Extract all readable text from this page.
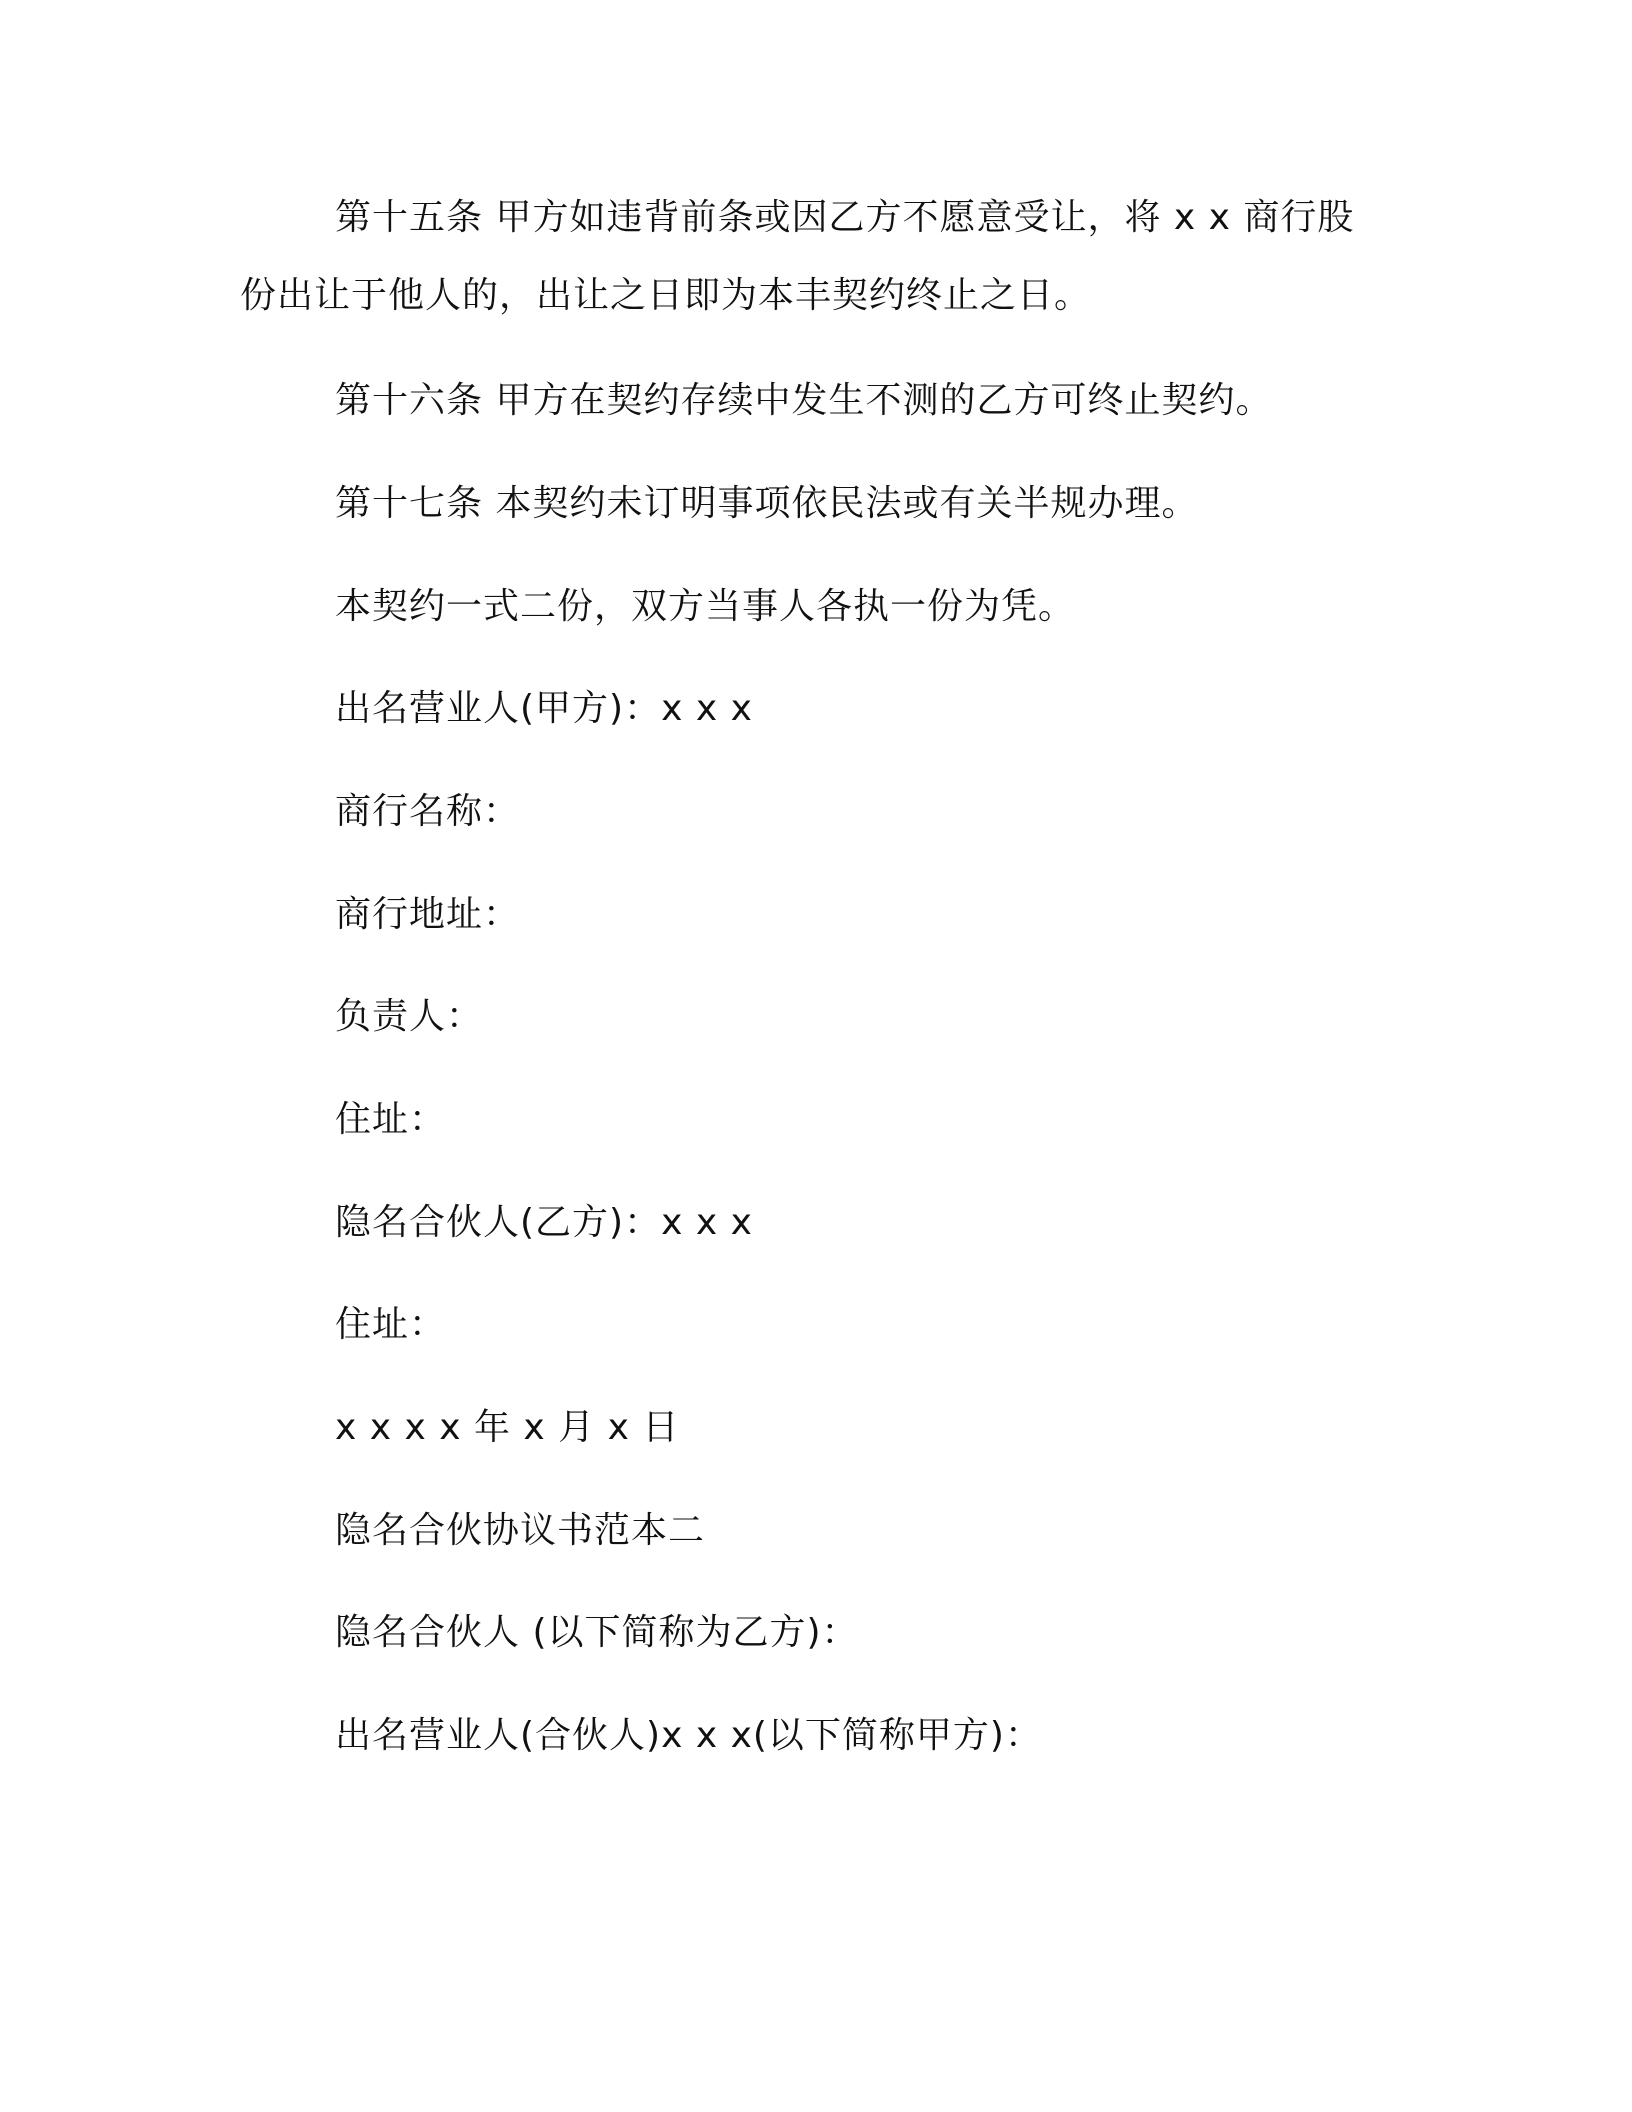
第十五条 甲方如违背前条或因乙方不愿意受让，将 x x 商行股份出让于他人的，出让之日即为本丰契约终止之日。

第十六条 甲方在契约存续中发生不测的乙方可终止契约。

第十七条 本契约未订明事项依民法或有关半规办理。

本契约一式二份，双方当事人各执一份为凭。

出名营业人(甲方)：x x x

商行名称：

商行地址：

负责人：

住址：

隐名合伙人(乙方)：x x x

住址：

x x x x 年 x 月 x 日

隐名合伙协议书范本二

隐名合伙人 (以下简称为乙方)：

出名营业人(合伙人)x x x(以下简称甲方)：
